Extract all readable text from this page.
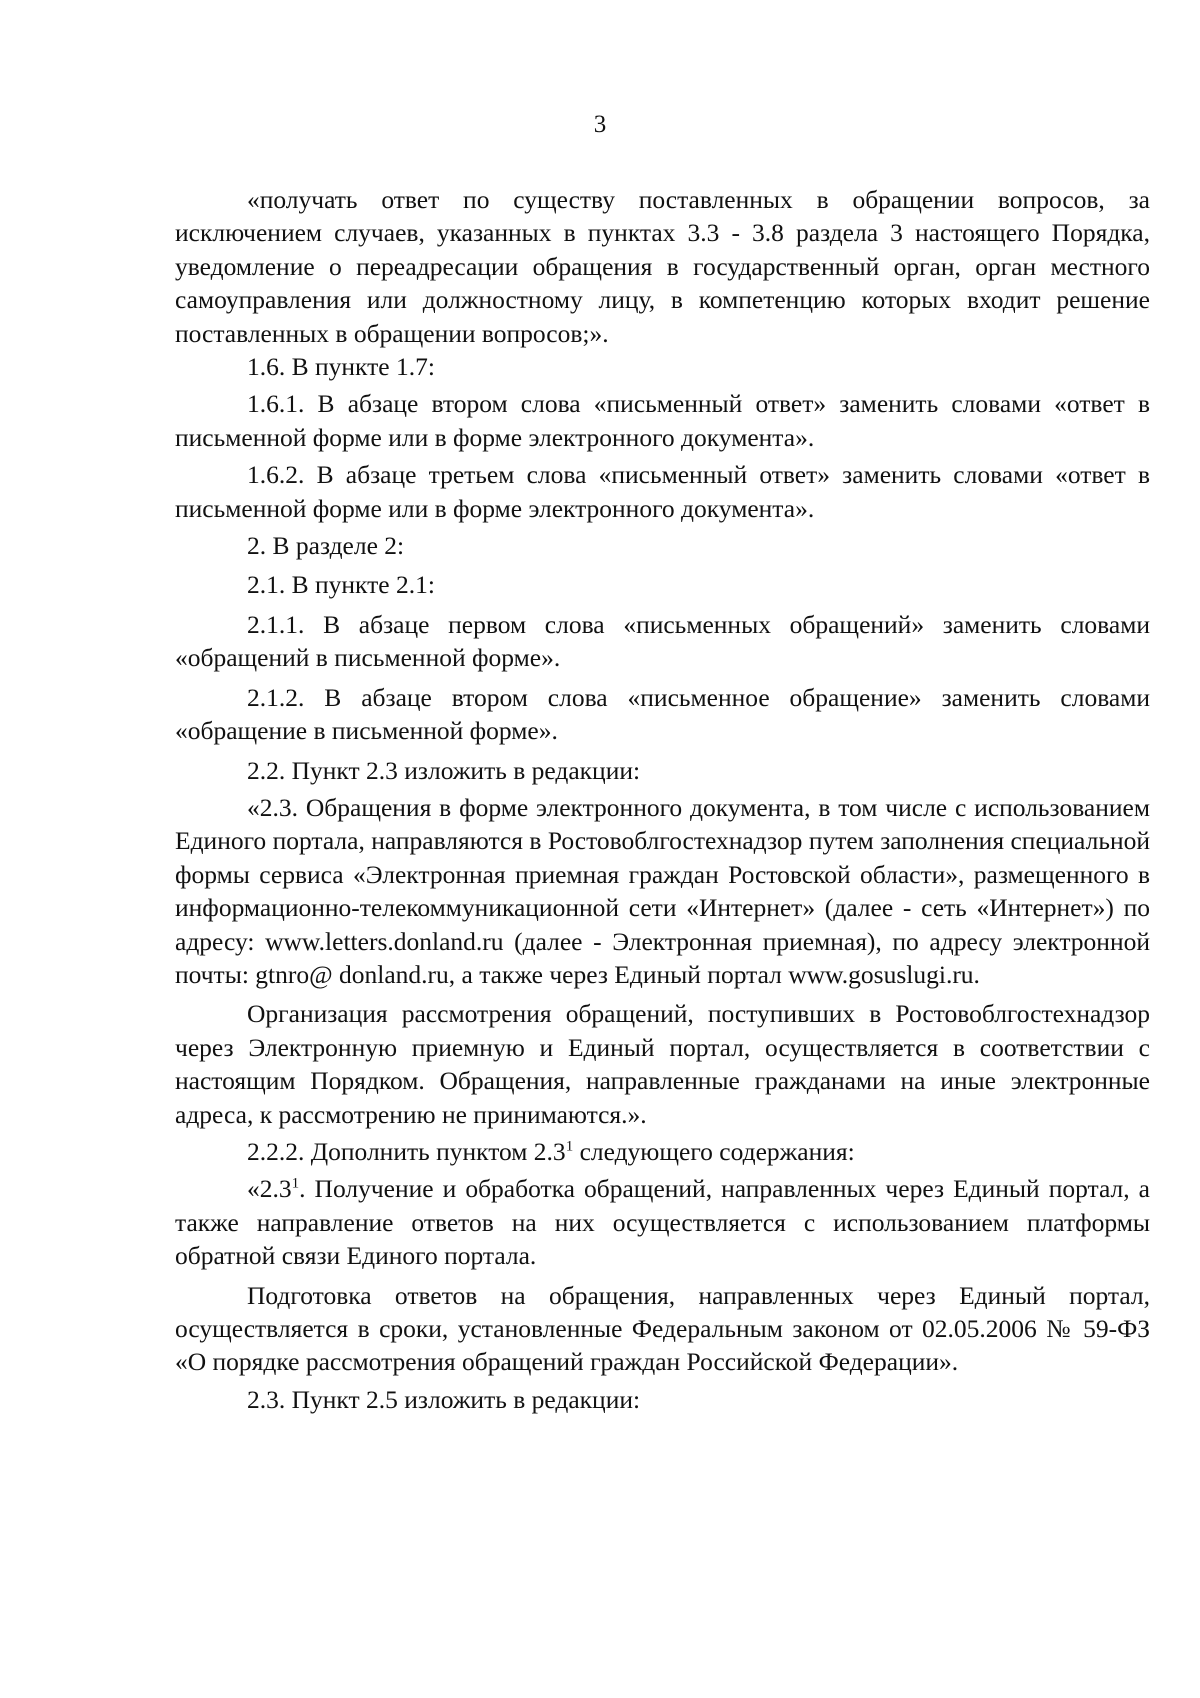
3

«получать ответ по существу поставленных в обращении вопросов, за исключением случаев, указанных в пунктах 3.3 - 3.8 раздела 3 настоящего Порядка, уведомление о переадресации обращения в государственный орган, орган местного самоуправления или должностному лицу, в компетенцию которых входит решение поставленных в обращении вопросов;».

1.6. В пункте 1.7:

1.6.1. В абзаце втором слова «письменный ответ» заменить словами «ответ в письменной форме или в форме электронного документа».

1.6.2. В абзаце третьем слова «письменный ответ» заменить словами «ответ в письменной форме или в форме электронного документа».

2. В разделе 2:

2.1. В пункте 2.1:

2.1.1. В абзаце первом слова «письменных обращений» заменить словами «обращений в письменной форме».

2.1.2. В абзаце втором слова «письменное обращение» заменить словами «обращение в письменной форме».

2.2. Пункт 2.3 изложить в редакции:

«2.3. Обращения в форме электронного документа, в том числе с использованием Единого портала, направляются в Ростовоблгостехнадзор путем заполнения специальной формы сервиса «Электронная приемная граждан Ростовской области», размещенного в информационно-телекоммуникационной сети «Интернет» (далее - сеть «Интернет») по адресу: www.letters.donland.ru (далее - Электронная приемная), по адресу электронной почты: gtnro@ donland.ru, а также через Единый портал www.gosuslugi.ru.

Организация рассмотрения обращений, поступивших в Ростовоблгостехнадзор через Электронную приемную и Единый портал, осуществляется в соответствии с настоящим Порядком. Обращения, направленные гражданами на иные электронные адреса, к рассмотрению не принимаются.».

2.2.2. Дополнить пунктом $2.3^1$ следующего содержания:

«$2.3^1$. Получение и обработка обращений, направленных через Единый портал, а также направление ответов на них осуществляется с использованием платформы обратной связи Единого портала.

Подготовка ответов на обращения, направленных через Единый портал, осуществляется в сроки, установленные Федеральным законом от 02.05.2006 № 59-ФЗ «О порядке рассмотрения обращений граждан Российской Федерации».

2.3. Пункт 2.5 изложить в редакции:
